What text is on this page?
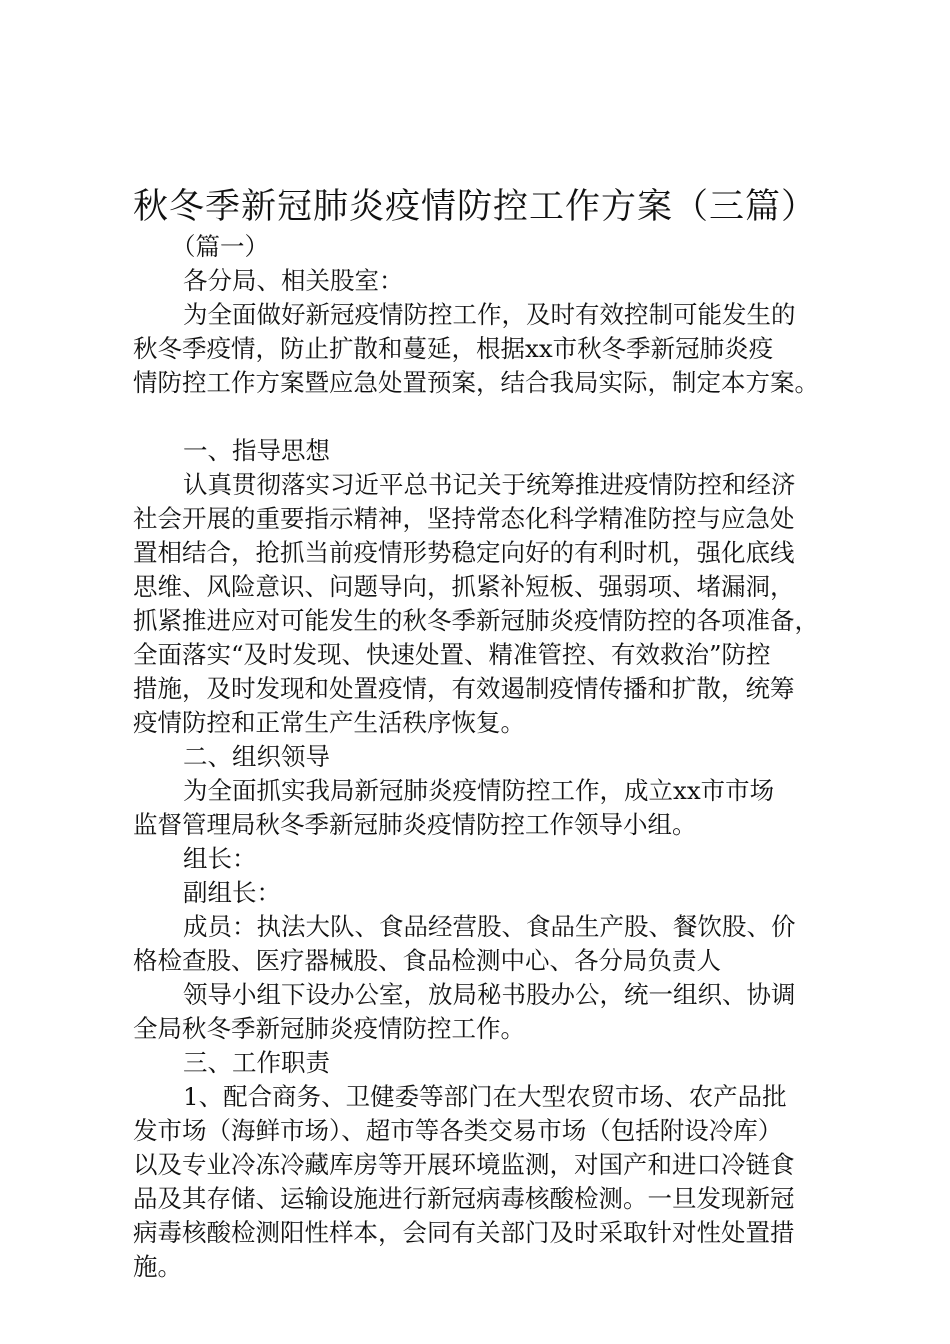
秋冬季新冠肺炎疫情防控工作方案（三篇）
（篇一）
各分局、相关股室：
为全面做好新冠疫情防控工作，及时有效控制可能发生的
秋冬季疫情，防止扩散和蔓延，根据xx市秋冬季新冠肺炎疫
情防控工作方案暨应急处置预案，结合我局实际，制定本方案。
一、指导思想
认真贯彻落实习近平总书记关于统筹推进疫情防控和经济
社会开展的重要指示精神，坚持常态化科学精准防控与应急处
置相结合，抢抓当前疫情形势稳定向好的有利时机，强化底线
思维、风险意识、问题导向，抓紧补短板、强弱项、堵漏洞，
抓紧推进应对可能发生的秋冬季新冠肺炎疫情防控的各项准备，
全面落实“及时发现、快速处置、精准管控、有效救治”防控
措施，及时发现和处置疫情，有效遏制疫情传播和扩散，统筹
疫情防控和正常生产生活秩序恢复。
二、组织领导
为全面抓实我局新冠肺炎疫情防控工作，成立xx市市场
监督管理局秋冬季新冠肺炎疫情防控工作领导小组。
组长：
副组长：
成员：执法大队、食品经营股、食品生产股、餐饮股、价
格检查股、医疗器械股、食品检测中心、各分局负责人
领导小组下设办公室，放局秘书股办公，统一组织、协调
全局秋冬季新冠肺炎疫情防控工作。
三、工作职责
1、配合商务、卫健委等部门在大型农贸市场、农产品批
发市场（海鲜市场）、超市等各类交易市场（包括附设冷库）
以及专业冷冻冷藏库房等开展环境监测，对国产和进口冷链食
品及其存储、运输设施进行新冠病毒核酸检测。一旦发现新冠
病毒核酸检测阳性样本，会同有关部门及时采取针对性处置措
施。
